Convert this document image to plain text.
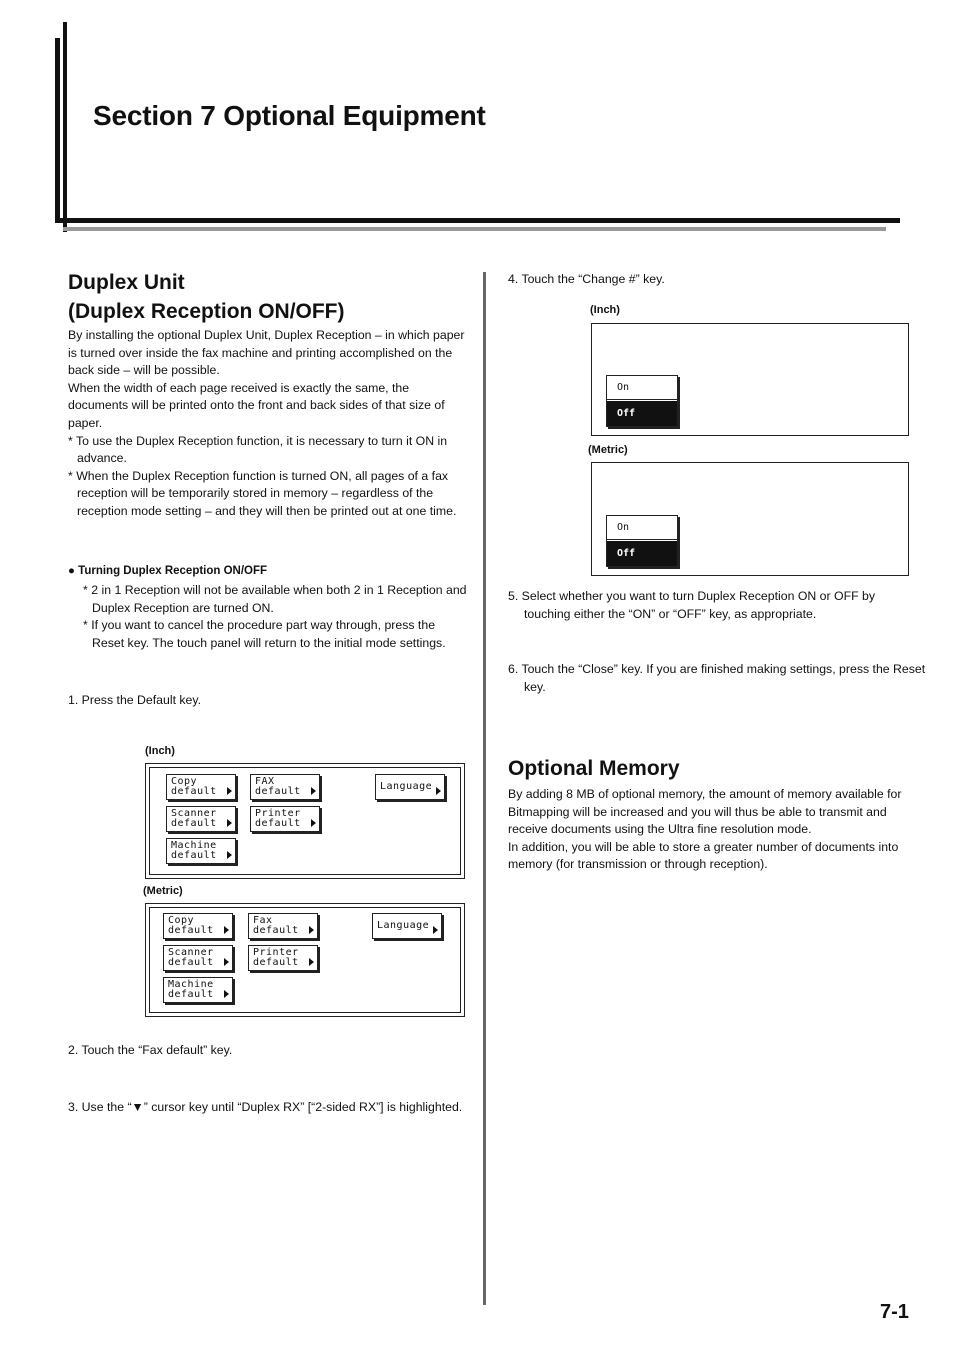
Section 7 Optional Equipment
Duplex Unit
(Duplex Reception ON/OFF)

By installing the optional Duplex Unit, Duplex Reception – in which paper is turned over inside the fax machine and printing accomplished on the back side – will be possible.

When the width of each page received is exactly the same, the documents will be printed onto the front and back sides of that size of paper.

* To use the Duplex Reception function, it is necessary to turn it ON in advance.

* When the Duplex Reception function is turned ON, all pages of a fax reception will be temporarily stored in memory – regardless of the reception mode setting – and they will then be printed out at one time.

● Turning Duplex Reception ON/OFF

* 2 in 1 Reception will not be available when both 2 in 1 Reception and Duplex Reception are turned ON.

* If you want to cancel the procedure part way through, press the Reset key. The touch panel will return to the initial mode settings.

1. Press the Default key.
(Inch)
Copy
default
FAX
default	Language
Scanner
default
Printer
default
Machine
default
(Metric)
Copy
default
Fax
default	Language
Scanner
default
Printer
default
Machine
default
2. Touch the “Fax default” key.
3. Use the “▼” cursor key until “Duplex RX” [“2-sided RX”] is highlighted.
4. Touch the “Change #” key.
(Inch)
On
Off
(Metric)
On
Off
5. Select whether you want to turn Duplex Reception ON or OFF by touching either the “ON” or “OFF” key, as appropriate.
6. Touch the “Close” key. If you are finished making settings, press the Reset key.
Optional Memory

By adding 8 MB of optional memory, the amount of memory available for Bitmapping will be increased and you will thus be able to transmit and receive documents using the Ultra fine resolution mode.

In addition, you will be able to store a greater number of documents into memory (for transmission or through reception).

7-1
